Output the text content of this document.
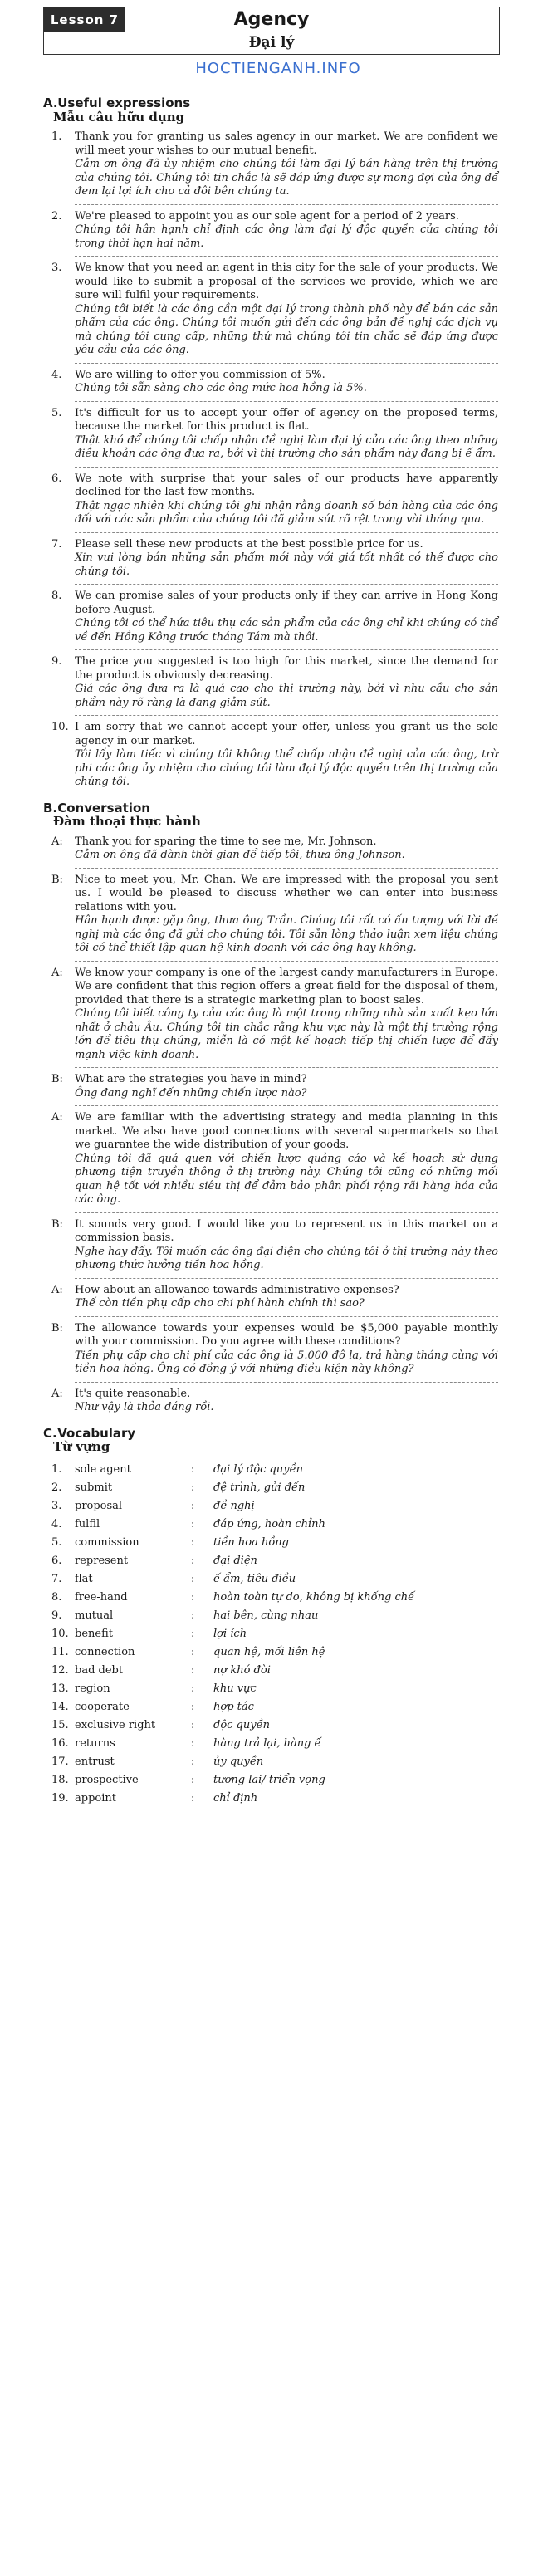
Lesson 7	Agency
Đại lý
HOCTIENGANH.INFO
A. Useful expressions
Mẫu câu hữu dụng
1.	Thank you for granting us sales agency in our market. We are confident we will meet your wishes to our mutual benefit.
Cảm ơn ông đã ủy nhiệm cho chúng tôi làm đại lý bán hàng trên thị trường của chúng tôi. Chúng tôi tin chắc là sẽ đáp ứng được sự mong đợi của ông để đem lại lợi ích cho cả đôi bên chúng ta.
2.	We're pleased to appoint you as our sole agent for a period of 2 years.
Chúng tôi hân hạnh chỉ định các ông làm đại lý độc quyền của chúng tôi trong thời hạn hai năm.
3.	We know that you need an agent in this city for the sale of your products. We would like to submit a proposal of the services we provide, which we are sure will fulfil your requirements.
Chúng tôi biết là các ông cần một đại lý trong thành phố này để bán các sản phẩm của các ông. Chúng tôi muốn gửi đến các ông bản đề nghị các dịch vụ mà chúng tôi cung cấp, những thứ mà chúng tôi tin chắc sẽ đáp ứng được yêu cầu của các ông.
4.	We are willing to offer you commission of 5%.
Chúng tôi sẵn sàng cho các ông mức hoa hồng là 5%.
5.	It's difficult for us to accept your offer of agency on the proposed terms, because the market for this product is flat.
Thật khó để chúng tôi chấp nhận đề nghị làm đại lý của các ông theo những điều khoản các ông đưa ra, bởi vì thị trường cho sản phẩm này đang bị ế ẩm.
6.	We note with surprise that your sales of our products have apparently declined for the last few months.
Thật ngạc nhiên khi chúng tôi ghi nhận rằng doanh số bán hàng của các ông đối với các sản phẩm của chúng tôi đã giảm sút rõ rệt trong vài tháng qua.
7.	Please sell these new products at the best possible price for us.
Xin vui lòng bán những sản phẩm mới này với giá tốt nhất có thể được cho chúng tôi.
8.	We can promise sales of your products only if they can arrive in Hong Kong before August.
Chúng tôi có thể hứa tiêu thụ các sản phẩm của các ông chỉ khi chúng có thể về đến Hồng Kông trước tháng Tám mà thôi.
9.	The price you suggested is too high for this market, since the demand for the product is obviously decreasing.
Giá các ông đưa ra là quá cao cho thị trường này, bởi vì nhu cầu cho sản phẩm này rõ ràng là đang giảm sút.
10. I am sorry that we cannot accept your offer, unless you grant us the sole agency in our market.
Tôi lấy làm tiếc vì chúng tôi không thể chấp nhận đề nghị của các ông, trừ phi các ông ủy nhiệm cho chúng tôi làm đại lý độc quyền trên thị trường của chúng tôi.
B. Conversation
Đàm thoại thực hành
A: Thank you for sparing the time to see me, Mr. Johnson.
Cảm ơn ông đã dành thời gian để tiếp tôi, thưa ông Johnson.
B: Nice to meet you, Mr. Chan. We are impressed with the proposal you sent us. I would be pleased to discuss whether we can enter into business relations with you.
Hân hạnh được gặp ông, thưa ông Trần. Chúng tôi rất có ấn tượng với lời đề nghị mà các ông đã gửi cho chúng tôi. Tôi sẵn lòng thảo luận xem liệu chúng tôi có thể thiết lập quan hệ kinh doanh với các ông hay không.
A: We know your company is one of the largest candy manufacturers in Europe. We are confident that this region offers a great field for the disposal of them, provided that there is a strategic marketing plan to boost sales.
Chúng tôi biết công ty của các ông là một trong những nhà sản xuất kẹo lớn nhất ở châu Âu. Chúng tôi tin chắc rằng khu vực này là một thị trường rộng lớn để tiêu thụ chúng, miễn là có một kế hoạch tiếp thị chiến lược để đẩy mạnh việc kinh doanh.
B: What are the strategies you have in mind?
Ông đang nghĩ đến những chiến lược nào?
A: We are familiar with the advertising strategy and media planning in this market. We also have good connections with several supermarkets so that we guarantee the wide distribution of your goods.
Chúng tôi đã quá quen với chiến lược quảng cáo và kế hoạch sử dụng phương tiện truyền thông ở thị trường này. Chúng tôi cũng có những mối quan hệ tốt với nhiều siêu thị để đảm bảo phân phối rộng rãi hàng hóa của các ông.
B: It sounds very good. I would like you to represent us in this market on a commission basis.
Nghe hay đấy. Tôi muốn các ông đại diện cho chúng tôi ở thị trường này theo phương thức hưởng tiền hoa hồng.
A: How about an allowance towards administrative expenses?
Thế còn tiền phụ cấp cho chi phí hành chính thì sao?
B: The allowance towards your expenses would be $5,000 payable monthly with your commission. Do you agree with these conditions?
Tiền phụ cấp cho chi phí của các ông là 5.000 đô la, trả hàng tháng cùng với tiền hoa hồng. Ông có đồng ý với những điều kiện này không?
A: It's quite reasonable.
Như vậy là thỏa đáng rồi.
C. Vocabulary
Từ vựng
1.	sole agent	: đại lý độc quyền
2.	submit	: đệ trình, gửi đến
3.	proposal	: đề nghị
4.	fulfil	: đáp ứng, hoàn chỉnh
5.	commission	: tiền hoa hồng
6.	represent	: đại diện
7.	flat	: ế ẩm, tiêu điều
8.	free-hand	: hoàn toàn tự do, không bị khống chế
9.	mutual	: hai bên, cùng nhau
10. benefit	: lợi ích
11. connection	: quan hệ, mối liên hệ
12. bad debt	: nợ khó đòi
13. region	: khu vực
14. cooperate	: hợp tác
15. exclusive right	: độc quyền
16. returns	: hàng trả lại, hàng ế
17. entrust	: ủy quyền
18. prospective	: tương lai/ triển vọng
19. appoint	: chỉ định
